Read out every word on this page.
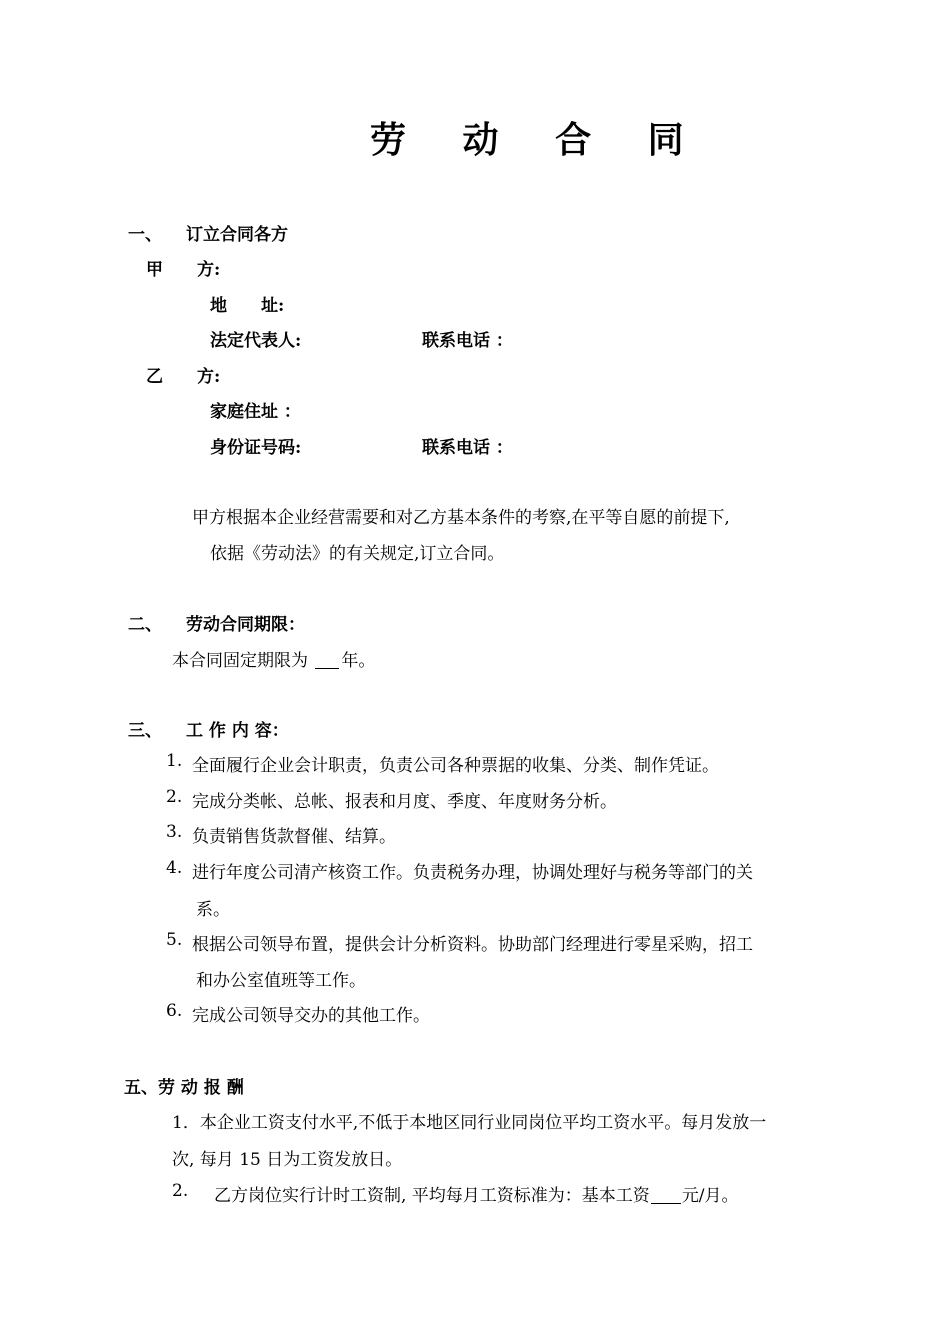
劳 动 合 同
一、 订立合同各方
甲　　方:
地　　址:
法定代表人:	联系电话 ：
乙　　方:
家庭住址 ：
身份证号码:	联系电话 ：
甲方根据本企业经营需要和对乙方基本条件的考察,在平等自愿的前提下,
依据《劳动法》的有关规定,订立合同。
二、 劳动合同期限：
本合同固定期限为 年。
三、 工 作 内 容：
1. 全面履行企业会计职责，负责公司各种票据的收集、分类、制作凭证。
2. 完成分类帐、总帐、报表和月度、季度、年度财务分析。
3. 负责销售货款督催、结算。
4. 进行年度公司清产核资工作。负责税务办理，协调处理好与税务等部门的关
系。
5. 根据公司领导布置，提供会计分析资料。协助部门经理进行零星采购，招工
和办公室值班等工作。
6. 完成公司领导交办的其他工作。
五、劳 动 报 酬
1．本企业工资支付水平,不低于本地区同行业同岗位平均工资水平。每月发放一
次, 每月 15 日为工资发放日。
2. 乙方岗位实行计时工资制, 平均每月工资标准为：基本工资 元/月。
